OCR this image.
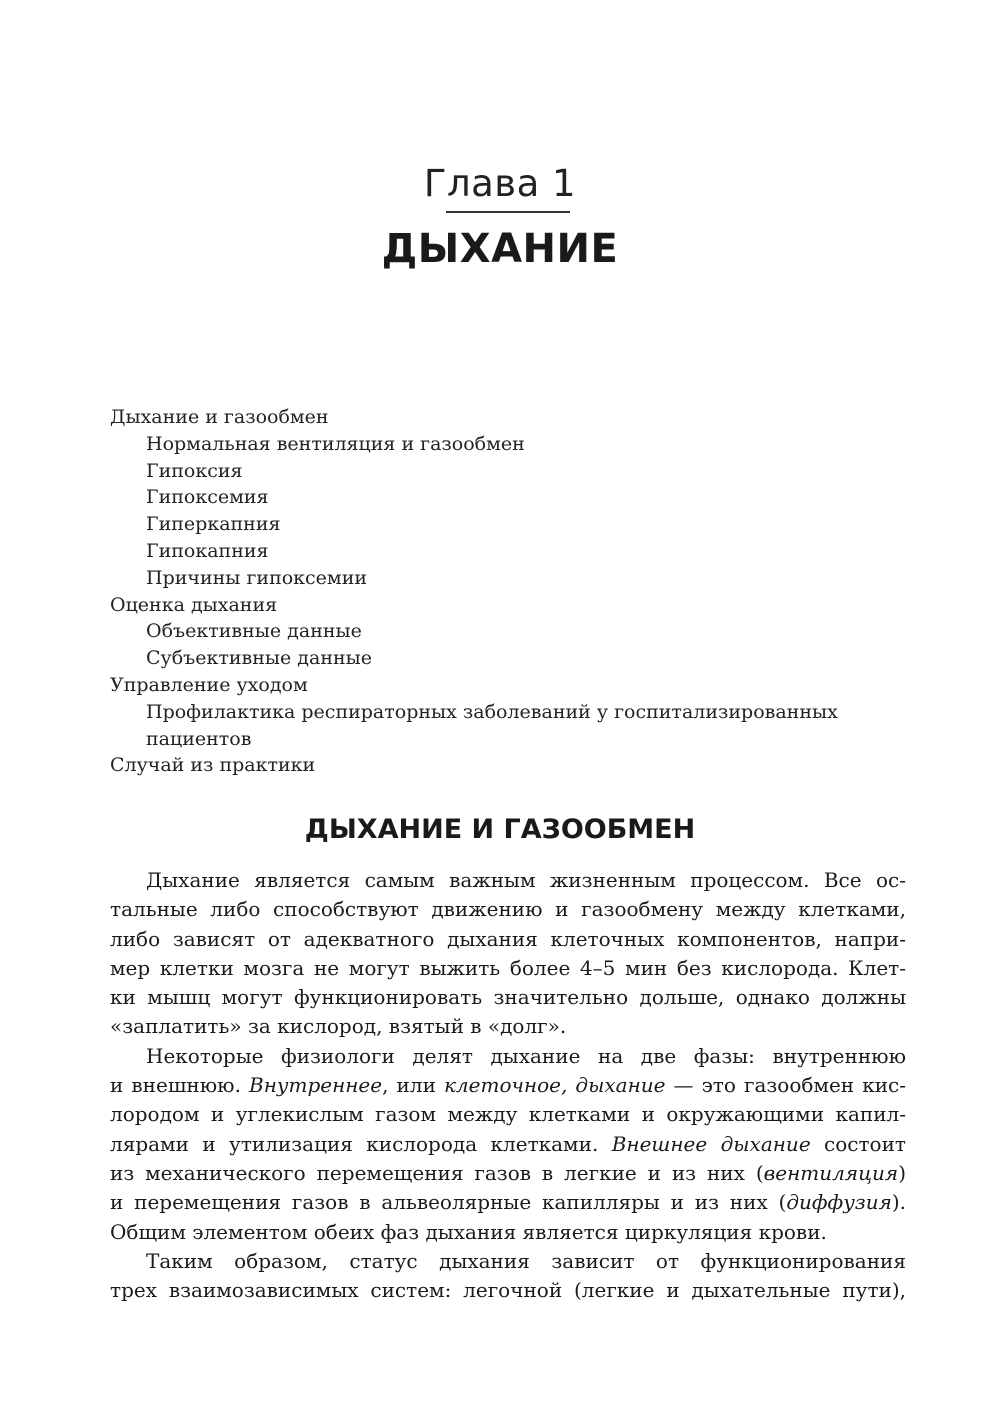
Глава 1
ДЫХАНИЕ
Дыхание и газообмен
Нормальная вентиляция и газообмен
Гипоксия
Гипоксемия
Гиперкапния
Гипокапния
Причины гипоксемии
Оценка дыхания
Объективные данные
Субъективные данные
Управление уходом
Профилактика респираторных заболеваний у госпитализированных
пациентов
Случай из практики
ДЫХАНИЕ И ГАЗООБМЕН

Дыхание является самым важным жизненным процессом. Все ос-
тальные либо способствуют движению и газообмену между клетками,
либо зависят от адекватного дыхания клеточных компонентов, напри-
мер клетки мозга не могут выжить более 4–5 мин без кислорода. Клет-
ки мышц могут функционировать значительно дольше, однако должны
«заплатить» за кислород, взятый в «долг».

Некоторые физиологи делят дыхание на две фазы: внутреннюю
и внешнюю. Внутреннее, или клеточное, дыхание — это газообмен кис-
лородом и углекислым газом между клетками и окружающими капил-
лярами и утилизация кислорода клетками. Внешнее дыхание состоит
из механического перемещения газов в легкие и из них (вентиляция)
и перемещения газов в альвеолярные капилляры и из них (диффузия).
Общим элементом обеих фаз дыхания является циркуляция крови.

Таким образом, статус дыхания зависит от функционирования
трех взаимозависимых систем: легочной (легкие и дыхательные пути),
